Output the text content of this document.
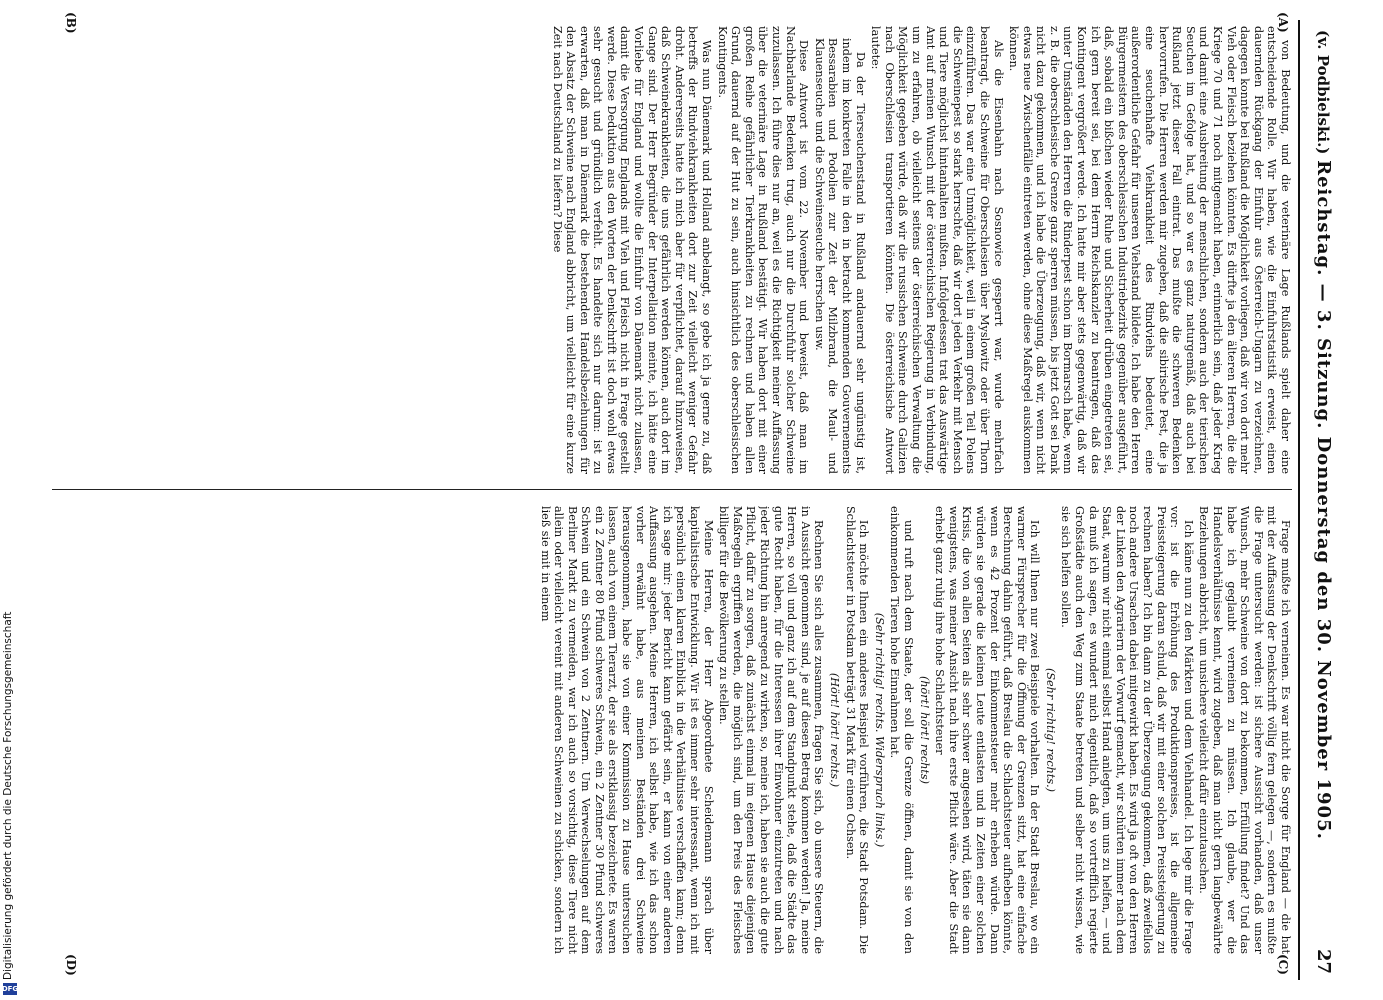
(v. Podbielski.)
Reichstag. — 3. Sitzung. Donnerstag den 30. November 1905.
27
(A)
(B)
(C)
(D)

von Bedeutung, und die veterinäre Lage Rußlands spielt daher eine entscheidende Rolle. Wir haben, wie die Einfuhrstatistik erweist, einen dauernden Rückgang der Einfuhr aus Österreich-Ungarn zu verzeichnen, dagegen konnte bei Rußland die Möglichkeit vorliegen, daß wir von dort mehr Vieh oder Fleisch beziehen könnten. Es dürfte ja den älteren Herren, die die Kriege 70 und 71 noch mitgemacht haben, erinnerlich sein, daß jeder Krieg und damit eine Ausbreitung der menschlichen, sondern auch der tierischen Seuchen im Gefolge hat, und so war es ganz naturgemäß, daß auch bei Rußland jetzt dieser Fall eintrat. Das mußte die schweren Bedenken hervorrufen. Die Herren werden mir zugeben, daß die sibirische Pest, die ja eine seuchenhafte Viehkrankheit des Rindviehs bedeutet, eine außerordentliche Gefahr für unseren Viehstand bildete. Ich habe den Herren Bürgermeistern des oberschlesischen Industriebezirks gegenüber ausgeführt, daß, sobald ein bißchen wieder Ruhe und Sicherheit drüben eingetreten sei, ich gern bereit sei, bei dem Herrn Reichskanzler zu beantragen, daß das Kontingent vergrößert werde. Ich hatte mir aber stets gegenwärtig, daß wir unter Umständen den Herren die Rinderpest schon im Bormarsch habe, wenn z. B. die oberschlesische Grenze ganz sperren müssen, bis jetzt Gott sei Dank nicht dazu gekommen, und ich habe die Überzeugung, daß wir, wenn nicht etwas neue Zwischenfälle eintreten werden, ohne diese Maßregel auskommen können.

Als die Eisenbahn nach Sosnowice gesperrt war, wurde mehrfach beantragt, die Schweine für Oberschlesien über Myslowitz oder über Thorn einzuführen. Das war eine Unmöglichkeit, weil in einem großen Teil Polens die Schweinepest so stark herrschte, daß wir dort jeden Verkehr mit Mensch und Tiere möglichst hintanhalten mußten. Infolgedessen trat das Auswärtige Amt auf meinen Wunsch mit der österreichischen Regierung in Verbindung, um zu erfahren, ob vielleicht seitens der österreichischen Verwaltung die Möglichkeit gegeben würde, daß wir die russischen Schweine durch Galizien nach Oberschlesien transportieren könnten. Die österreichische Antwort lautete:

Da der Tierseuchenstand in Rußland andauernd sehr ungünstig ist, indem im konkreten Falle in den in betracht kommenden Gouvernements Bessarabien und Podolien zur Zeit der Milzbrand, die Maul- und Klauenseuche und die Schweineseuche herrschen usw.

Diese Antwort ist vom 22. November und beweist, daß man im Nachbarlande Bedenken trug, auch nur die Durchfuhr solcher Schweine zuzulassen. Ich führe dies nur an, weil es die Richtigkeit meiner Auffassung über die veterinäre Lage in Rußland bestätigt. Wir haben dort mit einer großen Reihe gefährlicher Tierkrankheiten zu rechnen und haben allen Grund, dauernd auf der Hut zu sein, auch hinsichtlich des oberschlesischen Kontingents.

Was nun Dänemark und Holland anbelangt, so gebe ich ja gerne zu, daß betreffs der Rindviehkrankheiten dort zur Zeit vielleicht weniger Gefahr droht. Andererseits hatte ich mich aber für verpflichtet, darauf hinzuweisen, daß Schweinekrankheiten, die uns gefährlich werden können, auch dort im Gange sind. Der Herr Begründer der Interpellation meinte, ich hätte eine Vorliebe für England und wollte die Einfuhr von Dänemark nicht zulassen, damit die Versorgung Englands mit Vieh und Fleisch nicht in Frage gestellt werde. Diese Deduktion aus den Worten der Denkschrift ist doch wohl etwas sehr gesucht und gründlich verfehlt. Es handelte sich nur darum: ist zu erwarten, daß man in Dänemark die bestehenden Handelsbeziehungen für den Absatz der Schweine nach England abbricht, um vielleicht für eine kurze Zeit nach Deutschland zu liefern? Diese

Frage mußte ich verneinen. Es war nicht die Sorge für England — die hat mit der Auffassung der Denkschrift völlig fern gelegen —, sondern es mußte die Frage untersucht werden: ist sichere Aussicht vorhanden, daß unser Wunsch, mehr Schweine von dort zu bekommen, Erfüllung findet? Und das habe ich geglaubt verneinen zu müssen. Ich glaube, wer die Handelsverhältnisse kennt, wird zugeben, daß man nicht gern langbewährte Beziehungen abbricht, um unsichere vielleicht dafür einzutauschen.

Ich käme nun zu den Märkten und dem Viehhandel. Ich lege mir die Frage vor: ist die Erhöhung des Produktionspreises, ist die allgemeine Preissteigerung daran schuld, daß wir mit einer solchen Preissteigerung zu rechnen haben? Ich bin dann zu der Überzeugung gekommen, daß zweifellos noch andere Ursachen dabei mitgewirkt haben. Es wird ja oft von den Herren der Linken den Agrariern der Vorwurf gemacht, wir schürten immer nach dem Staat, warum wir nicht einmal selbst Hand anlegten, um uns zu helfen, — und da muß ich sagen, es wundert mich eigentlich, daß so vortrefflich regierte Großstädte auch den Weg zum Staate betreten und selber nicht wissen, wie sie sich helfen sollen.

(Sehr richtig! rechts.)

Ich will Ihnen nur zwei Beispiele vorhalten. In der Stadt Breslau, wo ein warmer Fürsprecher für die Öffnung der Grenzen sitzt, hat eine einfache Berechnung dahin geführt, daß Breslau die Schlachtsteuer aufheben könnte, wenn es 42 Prozent der Einkommensteuer mehr erheben würde. Dann würden sie gerade die kleinen Leute entlasten und in Zeiten einer solchen Krisis, die von allen Seiten als sehr schwer angesehen wird, täten sie dann wenigstens, was meiner Ansicht nach ihre erste Pflicht wäre. Aber die Stadt erhebt ganz ruhig ihre hohe Schlachtsteuer

(hört! hört! rechts)

und ruft nach dem Staate, der soll die Grenze öffnen, damit sie von den einkommenden Tieren hohe Einnahmen hat.

(Sehr richtig! rechts. Widerspruch links.)

Ich möchte Ihnen ein anderes Beispiel vorführen, die Stadt Potsdam. Die Schlachtsteuer in Potsdam beträgt 31 Mark für einen Ochsen.

(Hört! hört! rechts.)

Rechnen Sie sich alles zusammen, fragen Sie sich, ob unsere Steuern, die in Aussicht genommen sind, je auf diesen Betrag kommen werden! Ja, meine Herren, so voll und ganz ich auf dem Standpunkt stehe, daß die Städte das gute Recht haben, für die Interessen ihrer Einwohner einzutreten und nach jeder Richtung hin anregend zu wirken, so, meine ich, haben sie auch die gute Pflicht, dafür zu sorgen, daß zunächst einmal im eigenen Hause diejenigen Maßregeln ergriffen werden, die möglich sind, um den Preis des Fleisches billiger für die Bevölkerung zu stellen.

Meine Herren, der Herr Abgeordnete Scheidemann sprach über kapitalistische Entwicklung. Wir ist es immer sehr interessant, wenn ich mit persönlich einen klaren Einblick in die Verhältnisse verschaffen kann; denn ich sage mir: jeder Bericht kann gefärbt sein, er kann von einer anderen Auffassung ausgehen. Meine Herren, ich selbst habe, wie ich das schon vorher erwähnt habe, aus meinen Beständen drei Schweine herausgenommen, habe sie von einer Kommission zu Hause untersuchen lassen, auch von einem Tierarzt, der sie als erstklassig bezeichnete. Es waren ein 2 Zentner 80 Pfund schweres Schwein, ein 2 Zentner 30 Pfund schweres Schwein und ein Schwein von 2 Zentnern. Um Verwechselungen auf dem Berliner Markt zu vermeiden, war ich auch so vorsichtig, diese Tiere nicht allein oder vielleicht vereint mit anderen Schweinen zu schicken, sondern ich ließ sie mit in einem

Digitalisierung gefördert durch die Deutsche Forschungsgemeinschaft
DFG
